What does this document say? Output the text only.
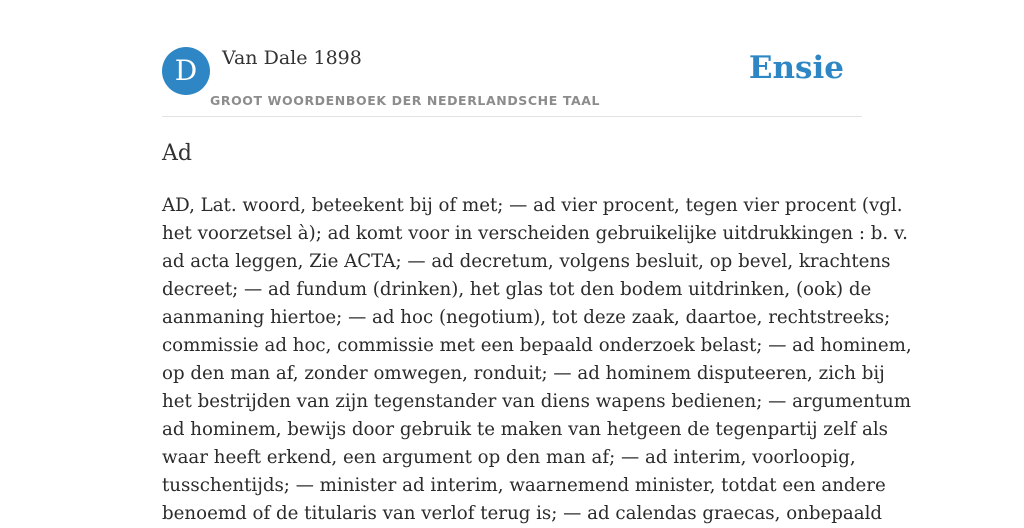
D	Van Dale 1898
GROOT WOORDENBOEK DER NEDERLANDSCHE TAAL
Ensie
Ad
AD, Lat. woord, beteekent bij of met; — ad vier procent, tegen vier procent (vgl.
het voorzetsel à); ad komt voor in verscheiden gebruikelijke uitdrukkingen : b. v.
ad acta leggen, Zie ACTA; — ad decretum, volgens besluit, op bevel, krachtens
decreet; — ad fundum (drinken), het glas tot den bodem uitdrinken, (ook) de
aanmaning hiertoe; — ad hoc (negotium), tot deze zaak, daartoe, rechtstreeks;
commissie ad hoc, commissie met een bepaald onderzoek belast; — ad hominem,
op den man af, zonder omwegen, ronduit; — ad hominem disputeeren, zich bij
het bestrijden van zijn tegenstander van diens wapens bedienen; — argumentum
ad hominem, bewijs door gebruik te maken van hetgeen de tegenpartij zelf als
waar heeft erkend, een argument op den man af; — ad interim, voorloopig,
tusschentijds; — minister ad interim, waarnemend minister, totdat een andere
benoemd of de titularis van verlof terug is; — ad calendas graecas, onbepaald
